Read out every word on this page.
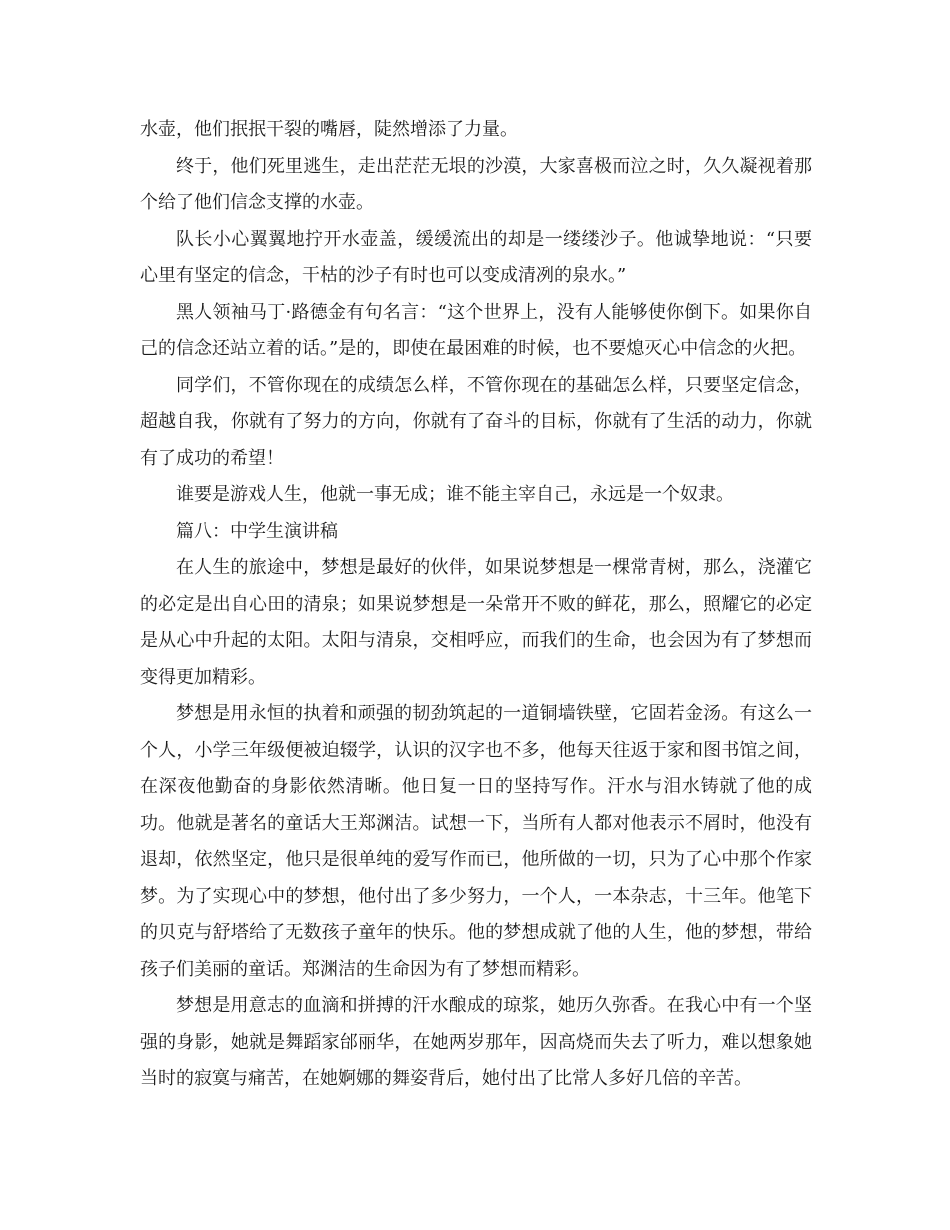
水壶，他们抿抿干裂的嘴唇，陡然增添了力量。

终于，他们死里逃生，走出茫茫无垠的沙漠，大家喜极而泣之时，久久凝视着那个给了他们信念支撑的水壶。

队长小心翼翼地拧开水壶盖，缓缓流出的却是一缕缕沙子。他诚挚地说：“只要心里有坚定的信念，干枯的沙子有时也可以变成清冽的泉水。”

黑人领袖马丁·路德金有句名言：“这个世界上，没有人能够使你倒下。如果你自己的信念还站立着的话。”是的，即使在最困难的时候，也不要熄灭心中信念的火把。

同学们，不管你现在的成绩怎么样，不管你现在的基础怎么样，只要坚定信念，超越自我，你就有了努力的方向，你就有了奋斗的目标，你就有了生活的动力，你就有了成功的希望！

谁要是游戏人生，他就一事无成；谁不能主宰自己，永远是一个奴隶。

篇八：中学生演讲稿

在人生的旅途中，梦想是最好的伙伴，如果说梦想是一棵常青树，那么，浇灌它的必定是出自心田的清泉；如果说梦想是一朵常开不败的鲜花，那么，照耀它的必定是从心中升起的太阳。太阳与清泉，交相呼应，而我们的生命，也会因为有了梦想而变得更加精彩。

梦想是用永恒的执着和顽强的韧劲筑起的一道铜墙铁壁，它固若金汤。有这么一个人，小学三年级便被迫辍学，认识的汉字也不多，他每天往返于家和图书馆之间，在深夜他勤奋的身影依然清晰。他日复一日的坚持写作。汗水与泪水铸就了他的成功。他就是著名的童话大王郑渊洁。试想一下，当所有人都对他表示不屑时，他没有退却，依然坚定，他只是很单纯的爱写作而已，他所做的一切，只为了心中那个作家梦。为了实现心中的梦想，他付出了多少努力，一个人，一本杂志，十三年。他笔下的贝克与舒塔给了无数孩子童年的快乐。他的梦想成就了他的人生，他的梦想，带给孩子们美丽的童话。郑渊洁的生命因为有了梦想而精彩。

梦想是用意志的血滴和拼搏的汗水酿成的琼浆，她历久弥香。在我心中有一个坚强的身影，她就是舞蹈家邰丽华，在她两岁那年，因高烧而失去了听力，难以想象她当时的寂寞与痛苦，在她婀娜的舞姿背后，她付出了比常人多好几倍的辛苦。
